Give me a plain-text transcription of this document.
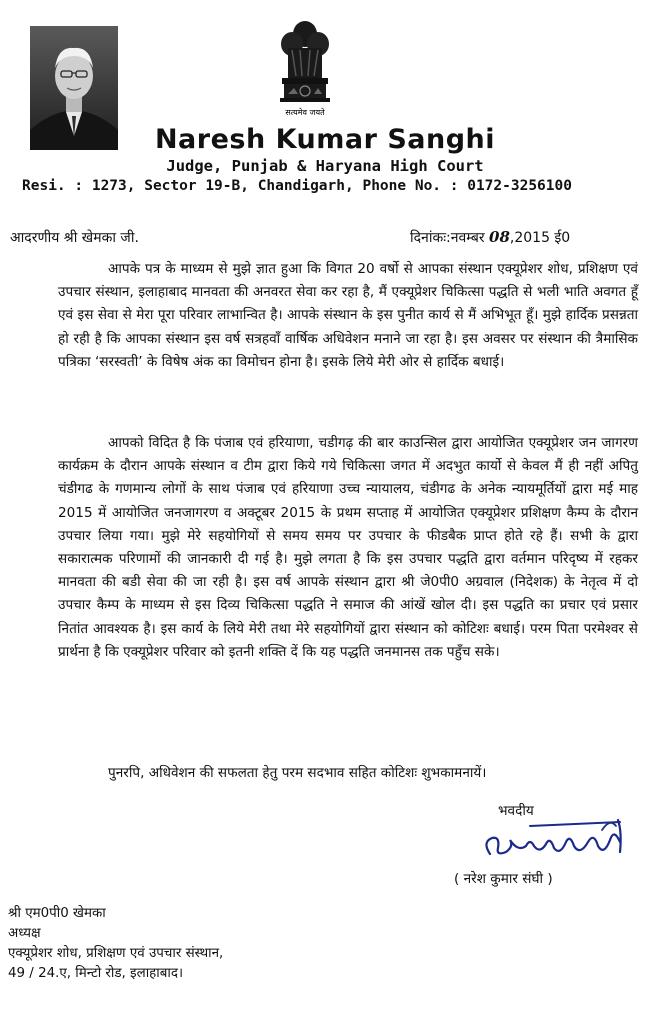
सत्यमेव जयते
Naresh Kumar Sanghi
Judge, Punjab & Haryana High Court
Resi. : 1273, Sector 19-B, Chandigarh, Phone No. : 0172-3256100
आदरणीय श्री खेमका जी.	दिनांकः:नवम्बर 08,2015 ई0

आपके पत्र के माध्यम से मुझे ज्ञात हुआ कि विगत 20 वर्षो से आपका संस्थान एक्यूप्रेशर शोध, प्रशिक्षण एवं उपचार संस्थान, इलाहाबाद मानवता की अनवरत सेवा कर रहा है, मैं एक्यूप्रेशर चिकित्सा पद्धति से भली भाति अवगत हूँ एवं इस सेवा से मेरा पूरा परिवार लाभान्वित है। आपके संस्थान के इस पुनीत कार्य से मैं अभिभूत हूँ। मुझे हार्दिक प्रसन्नता हो रही है कि आपका संस्थान इस वर्ष सत्रहवाँ वार्षिक अधिवेशन मनाने जा रहा है। इस अवसर पर संस्थान की त्रैमासिक पत्रिका ‘सरस्वती’ के विषेष अंक का विमोचन होना है। इसके लिये मेरी ओर से हार्दिक बधाई।

आपको विदित है कि पंजाब एवं हरियाणा, चडीगढ़ की बार काउन्सिल द्वारा आयोजित एक्यूप्रेशर जन जागरण कार्यक्रम के दौरान आपके संस्थान व टीम द्वारा किये गये चिकित्सा जगत में अदभुत कार्यो से केवल मैं ही नहीं अपितु चंडीगढ के गणमान्य लोगों के साथ पंजाब एवं हरियाणा उच्च न्यायालय, चंडीगढ के अनेक न्यायमूर्तियों द्वारा मई माह 2015 में आयोजित जनजागरण व अक्टूबर 2015 के प्रथम सप्ताह में आयोजित एक्यूप्रेशर प्रशिक्षण कैम्प के दौरान उपचार लिया गया। मुझे मेरे सहयोगियों से समय समय पर उपचार के फीडबैक प्राप्त होते रहे हैं। सभी के द्वारा सकारात्मक परिणामों की जानकारी दी गई है। मुझे लगता है कि इस उपचार पद्धति द्वारा वर्तमान परिदृष्य में रहकर मानवता की बडी सेवा की जा रही है। इस वर्ष आपके संस्थान द्वारा श्री जे0पी0 अग्रवाल (निदेशक) के नेतृत्व में दो उपचार कैम्प के माध्यम से इस दिव्य चिकित्सा पद्धति ने समाज की आंखें खोल दी। इस पद्धति का प्रचार एवं प्रसार नितांत आवश्यक है। इस कार्य के लिये मेरी तथा मेरे सहयोगियों द्वारा संस्थान को कोटिशः बधाई। परम पिता परमेश्वर से प्रार्थना है कि एक्यूप्रेशर परिवार को इतनी शक्ति दें कि यह पद्धति जनमानस तक पहुँच सके।

पुनरपि, अधिवेशन की सफलता हेतु परम सदभाव सहित कोटिशः शुभकामनायें।

भवदीय
( नरेश कुमार संघी )
श्री एम0पी0 खेमका
अध्यक्ष
एक्यूप्रेशर शोध, प्रशिक्षण एवं उपचार संस्थान,
49 / 24.ए, मिन्टो रोड, इलाहाबाद।
